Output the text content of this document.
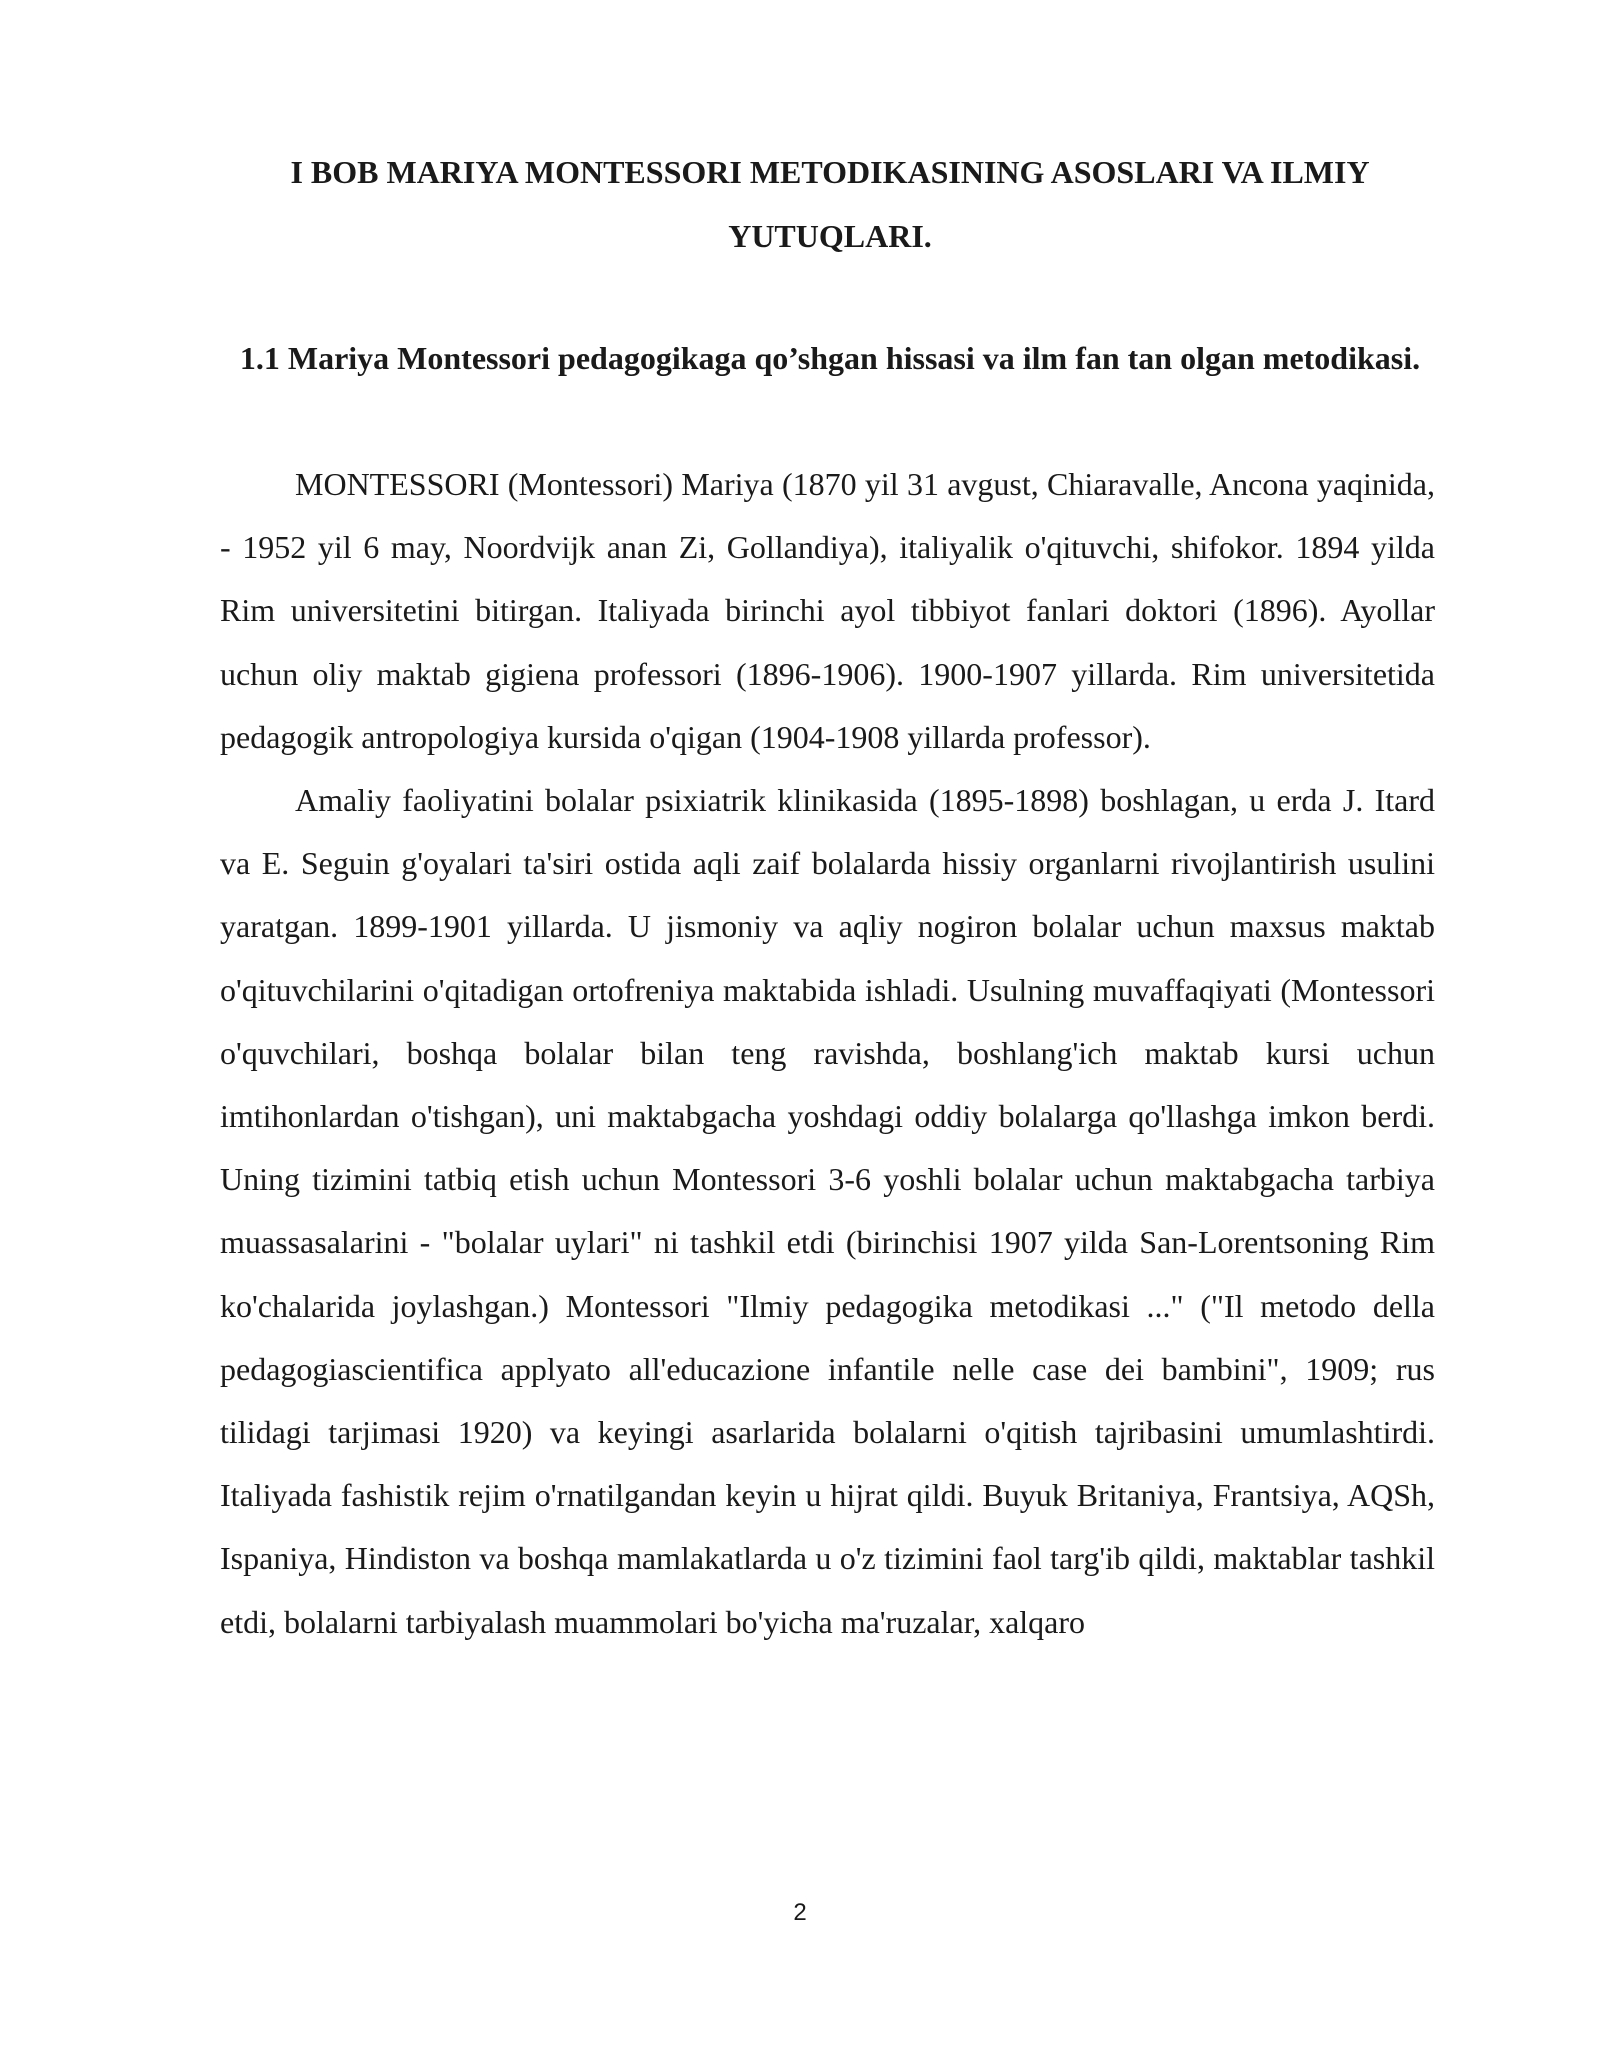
I BOB MARIYA MONTESSORI METODIKASINING ASOSLARI VA ILMIY YUTUQLARI.
1.1 Mariya Montessori pedagogikaga qo’shgan hissasi va ilm fan tan olgan metodikasi.

MONTESSORI (Montessori) Mariya (1870 yil 31 avgust, Chiaravalle, Ancona yaqinida, - 1952 yil 6 may, Noordvijk anan Zi, Gollandiya), italiyalik o'qituvchi, shifokor. 1894 yilda Rim universitetini bitirgan. Italiyada birinchi ayol tibbiyot fanlari doktori (1896). Ayollar uchun oliy maktab gigiena professori (1896-1906). 1900-1907 yillarda. Rim universitetida pedagogik antropologiya kursida o'qigan (1904-1908 yillarda professor).

Amaliy faoliyatini bolalar psixiatrik klinikasida (1895-1898) boshlagan, u erda J. Itard va E. Seguin g'oyalari ta'siri ostida aqli zaif bolalarda hissiy organlarni rivojlantirish usulini yaratgan. 1899-1901 yillarda. U jismoniy va aqliy nogiron bolalar uchun maxsus maktab o'qituvchilarini o'qitadigan ortofreniya maktabida ishladi. Usulning muvaffaqiyati (Montessori o'quvchilari, boshqa bolalar bilan teng ravishda, boshlang'ich maktab kursi uchun imtihonlardan o'tishgan), uni maktabgacha yoshdagi oddiy bolalarga qo'llashga imkon berdi. Uning tizimini tatbiq etish uchun Montessori 3-6 yoshli bolalar uchun maktabgacha tarbiya muassasalarini - "bolalar uylari" ni tashkil etdi (birinchisi 1907 yilda San-Lorentsoning Rim ko'chalarida joylashgan.) Montessori "Ilmiy pedagogika metodikasi ..." ("Il metodo della pedagogiascientifica applyato all'educazione infantile nelle case dei bambini", 1909; rus tilidagi tarjimasi 1920) va keyingi asarlarida bolalarni o'qitish tajribasini umumlashtirdi. Italiyada fashistik rejim o'rnatilgandan keyin u hijrat qildi. Buyuk Britaniya, Frantsiya, AQSh, Ispaniya, Hindiston va boshqa mamlakatlarda u o'z tizimini faol targ'ib qildi, maktablar tashkil etdi, bolalarni tarbiyalash muammolari bo'yicha ma'ruzalar, xalqaro

2
